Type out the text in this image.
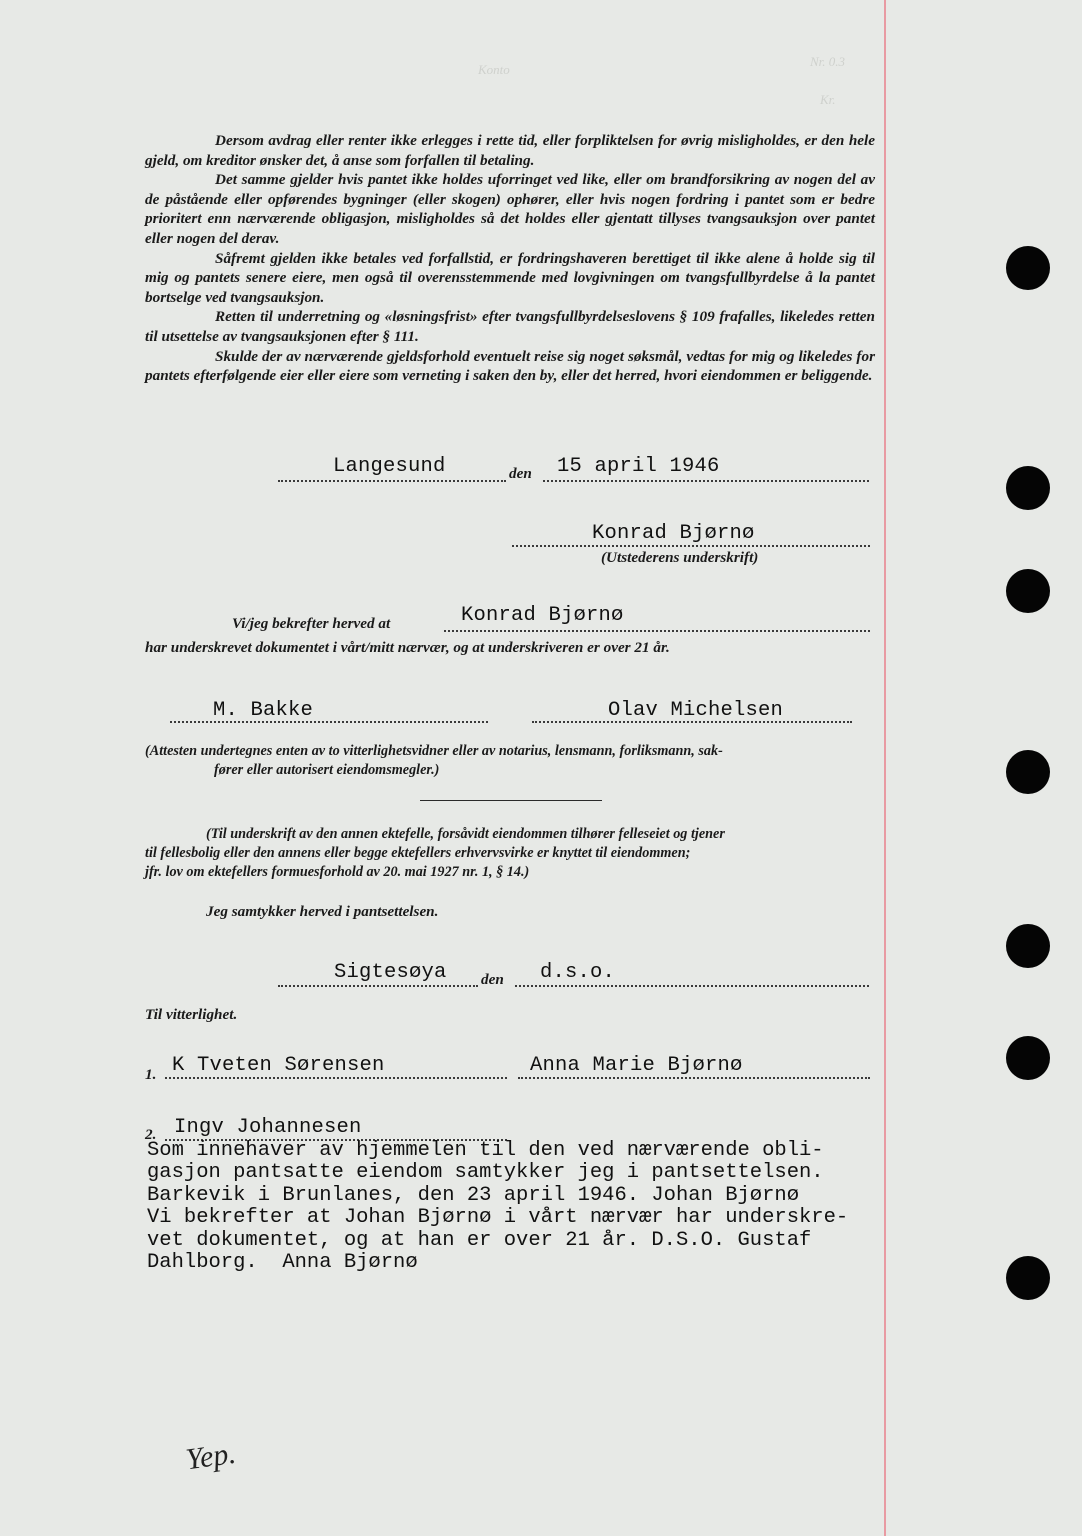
Nr. 0.3
Konto
Kr.

Dersom avdrag eller renter ikke erlegges i rette tid, eller forpliktelsen for øvrig misligholdes, er den hele gjeld, om kreditor ønsker det, å anse som forfallen til betaling.

Det samme gjelder hvis pantet ikke holdes uforringet ved like, eller om brandforsikring av nogen del av de påstående eller opførendes bygninger (eller skogen) ophører, eller hvis nogen fordring i pantet som er bedre prioritert enn nærværende obligasjon, misligholdes så det holdes eller gjentatt tillyses tvangsauksjon over pantet eller nogen del derav.

Såfremt gjelden ikke betales ved forfallstid, er fordringshaveren berettiget til ikke alene å holde sig til mig og pantets senere eiere, men også til overensstemmende med lovgivningen om tvangsfullbyrdelse å la pantet bortselge ved tvangsauksjon.

Retten til underretning og «løsningsfrist» efter tvangsfullbyrdelseslovens § 109 frafalles, likeledes retten til utsettelse av tvangsauksjonen efter § 111.

Skulde der av nærværende gjeldsforhold eventuelt reise sig noget søksmål, vedtas for mig og likeledes for pantets efterfølgende eier eller eiere som verneting i saken den by, eller det herred, hvori eiendommen er beliggende.

Langesund	den 15 april 1946
Konrad Bjørnø
(Utstederens underskrift)
Vi/jeg bekrefter herved at	Konrad Bjørnø
har underskrevet dokumentet i vårt/mitt nærvær, og at underskriveren er over 21 år.
M. Bakke	Olav Michelsen
(Attesten undertegnes enten av to vitterlighetsvidner eller av notarius, lensmann, forliksmann, sak-
fører eller autorisert eiendomsmegler.)
(Til underskrift av den annen ektefelle, forsåvidt eiendommen tilhører felleseiet og tjener
til fellesbolig eller den annens eller begge ektefellers erhvervsvirke er knyttet til eiendommen;
jfr. lov om ektefellers formuesforhold av 20. mai 1927 nr. 1, § 14.)
Jeg samtykker herved i pantsettelsen.
Sigtesøya den d.s.o.
Til vitterlighet.
1. K Tveten Sørensen	Anna Marie Bjørnø
2. Ingv Johannesen
Som innehaver av hjemmelen til den ved nærværende obli-
gasjon pantsatte eiendom samtykker jeg i pantsettelsen.
Barkevik i Brunlanes, den 23 april 1946. Johan Bjørnø
Vi bekrefter at Johan Bjørnø i vårt nærvær har underskre-
vet dokumentet, og at han er over 21 år. D.S.O. Gustaf
Dahlborg.  Anna Bjørnø
Yep.
